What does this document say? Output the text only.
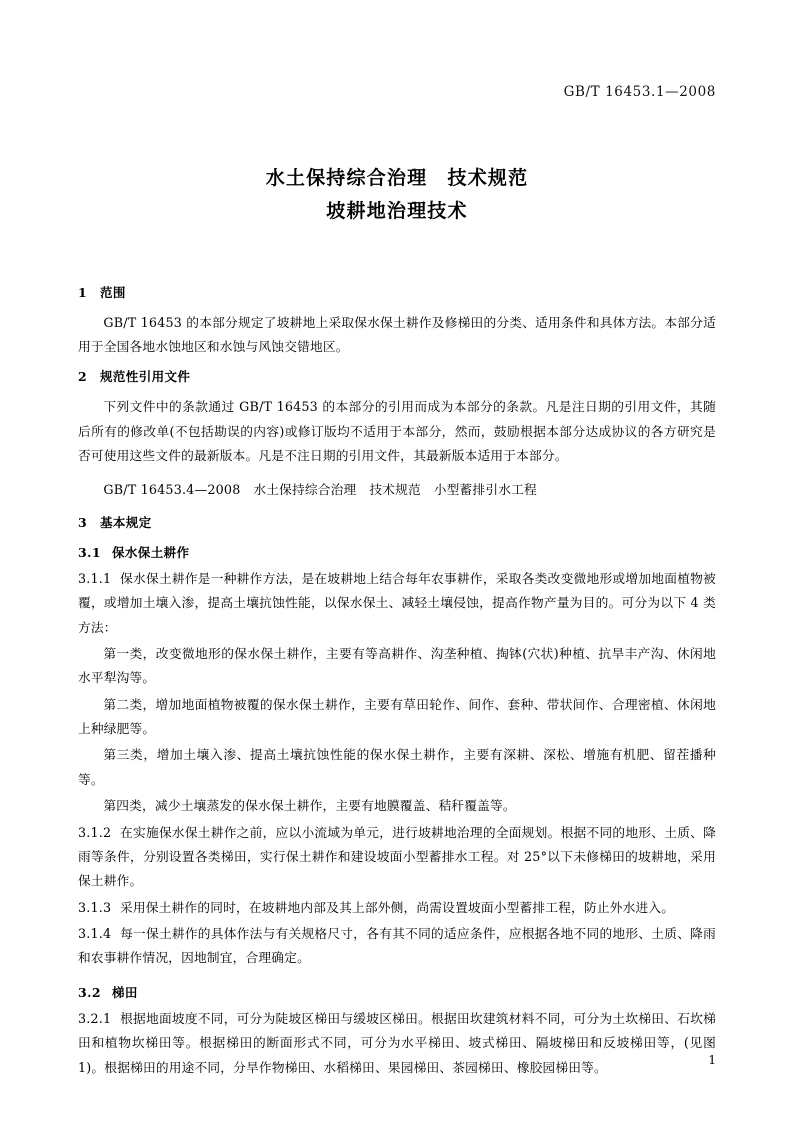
GB/T 16453.1—2008
水土保持综合治理　技术规范
坡耕地治理技术
1 范围

GB/T 16453 的本部分规定了坡耕地上采取保水保土耕作及修梯田的分类、适用条件和具体方法。本部分适用于全国各地水蚀地区和水蚀与风蚀交错地区。

2 规范性引用文件

下列文件中的条款通过 GB/T 16453 的本部分的引用而成为本部分的条款。凡是注日期的引用文件，其随后所有的修改单(不包括勘误的内容)或修订版均不适用于本部分，然而，鼓励根据本部分达成协议的各方研究是否可使用这些文件的最新版本。凡是不注日期的引用文件，其最新版本适用于本部分。

GB/T 16453.4—2008　水土保持综合治理　技术规范　小型蓄排引水工程

3 基本规定
3.1 保水保土耕作

3.1.1 保水保土耕作是一种耕作方法，是在坡耕地上结合每年农事耕作，采取各类改变微地形或增加地面植物被覆，或增加土壤入渗，提高土壤抗蚀性能，以保水保土、减轻土壤侵蚀，提高作物产量为目的。可分为以下 4 类方法：

第一类，改变微地形的保水保土耕作，主要有等高耕作、沟垄种植、掏钵(穴状)种植、抗旱丰产沟、休闲地水平犁沟等。

第二类，增加地面植物被覆的保水保土耕作，主要有草田轮作、间作、套种、带状间作、合理密植、休闲地上种绿肥等。

第三类，增加土壤入渗、提高土壤抗蚀性能的保水保土耕作，主要有深耕、深松、增施有机肥、留茬播种等。

第四类，减少土壤蒸发的保水保土耕作，主要有地膜覆盖、秸秆覆盖等。

3.1.2 在实施保水保土耕作之前，应以小流域为单元，进行坡耕地治理的全面规划。根据不同的地形、土质、降雨等条件，分别设置各类梯田，实行保土耕作和建设坡面小型蓄排水工程。对 25°以下未修梯田的坡耕地，采用保土耕作。

3.1.3 采用保土耕作的同时，在坡耕地内部及其上部外侧，尚需设置坡面小型蓄排工程，防止外水进入。

3.1.4 每一保土耕作的具体作法与有关规格尺寸，各有其不同的适应条件，应根据各地不同的地形、土质、降雨和农事耕作情况，因地制宜，合理确定。

3.2 梯田

3.2.1 根据地面坡度不同，可分为陡坡区梯田与缓坡区梯田。根据田坎建筑材料不同，可分为土坎梯田、石坎梯田和植物坎梯田等。根据梯田的断面形式不同，可分为水平梯田、坡式梯田、隔坡梯田和反坡梯田等，(见图 1)。根据梯田的用途不同，分旱作物梯田、水稻梯田、果园梯田、茶园梯田、橡胶园梯田等。	1
